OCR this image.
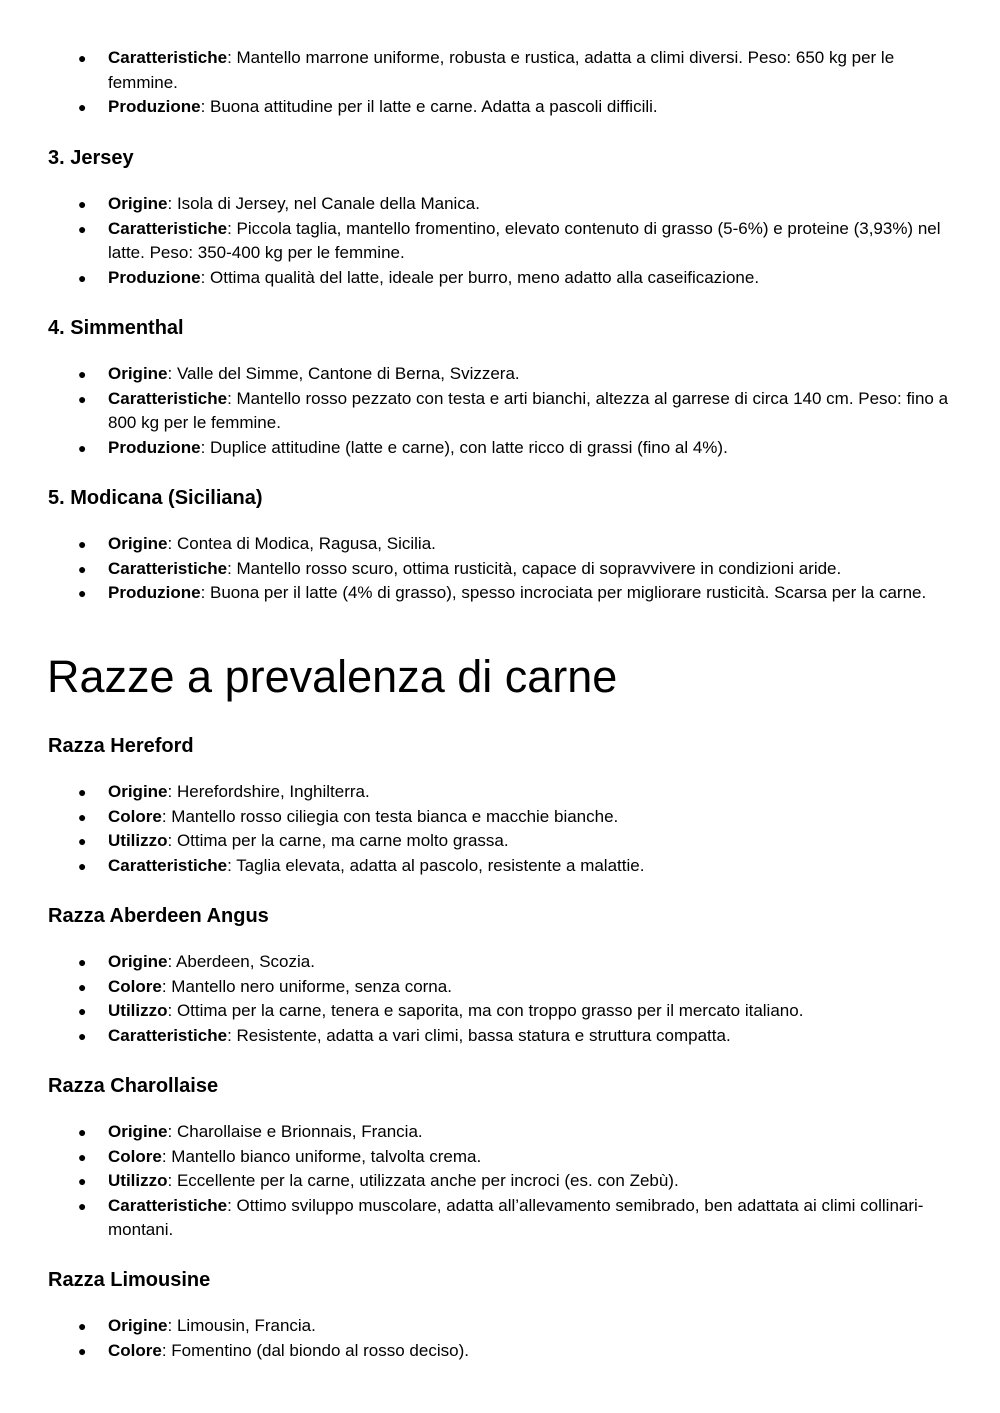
● Caratteristiche: Mantello marrone uniforme, robusta e rustica, adatta a climi diversi. Peso: 650 kg per le femmine.
● Produzione: Buona attitudine per il latte e carne. Adatta a pascoli difficili.
3. Jersey
● Origine: Isola di Jersey, nel Canale della Manica.
● Caratteristiche: Piccola taglia, mantello fromentino, elevato contenuto di grasso (5-6%) e proteine (3,93%) nel latte. Peso: 350-400 kg per le femmine.
● Produzione: Ottima qualità del latte, ideale per burro, meno adatto alla caseificazione.
4. Simmenthal
● Origine: Valle del Simme, Cantone di Berna, Svizzera.
● Caratteristiche: Mantello rosso pezzato con testa e arti bianchi, altezza al garrese di circa 140 cm. Peso: fino a 800 kg per le femmine.
● Produzione: Duplice attitudine (latte e carne), con latte ricco di grassi (fino al 4%).
5. Modicana (Siciliana)
● Origine: Contea di Modica, Ragusa, Sicilia.
● Caratteristiche: Mantello rosso scuro, ottima rusticità, capace di sopravvivere in condizioni aride.
● Produzione: Buona per il latte (4% di grasso), spesso incrociata per migliorare rusticità. Scarsa per la carne.
Razze a prevalenza di carne
Razza Hereford
● Origine: Herefordshire, Inghilterra.
● Colore: Mantello rosso ciliegia con testa bianca e macchie bianche.
● Utilizzo: Ottima per la carne, ma carne molto grassa.
● Caratteristiche: Taglia elevata, adatta al pascolo, resistente a malattie.
Razza Aberdeen Angus
● Origine: Aberdeen, Scozia.
● Colore: Mantello nero uniforme, senza corna.
● Utilizzo: Ottima per la carne, tenera e saporita, ma con troppo grasso per il mercato italiano.
● Caratteristiche: Resistente, adatta a vari climi, bassa statura e struttura compatta.
Razza Charollaise
● Origine: Charollaise e Brionnais, Francia.
● Colore: Mantello bianco uniforme, talvolta crema.
● Utilizzo: Eccellente per la carne, utilizzata anche per incroci (es. con Zebù).
● Caratteristiche: Ottimo sviluppo muscolare, adatta all’allevamento semibrado, ben adattata ai climi collinari-montani.
Razza Limousine
● Origine: Limousin, Francia.
● Colore: Fomentino (dal biondo al rosso deciso).
